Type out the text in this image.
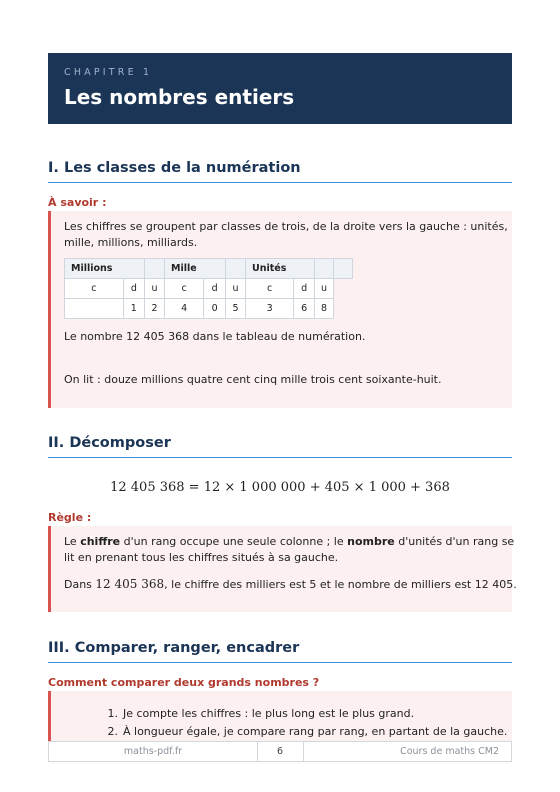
CHAPITRE 1
Les nombres entiers
I. Les classes de la numération
À savoir :

Les chiffres se groupent par classes de trois, de la droite vers la gauche : unités,

mille, millions, milliards.

Millions			Mille			Unités			
c	d	u	c	d	u	c	d	u	
	1	2	4	0	5	3	6	8	

Le nombre 12 405 368 dans le tableau de numération.

On lit : douze millions quatre cent cinq mille trois cent soixante-huit.

II. Décomposer
12 405 368 = 12 × 1 000 000 + 405 × 1 000 + 368
Règle :

Le chiffre d'un rang occupe une seule colonne ; le nombre d'unités d'un rang se

lit en prenant tous les chiffres situés à sa gauche.

Dans 12 405 368, le chiffre des milliers est 5 et le nombre de milliers est 12 405.

III. Comparer, ranger, encadrer
Comment comparer deux grands nombres ?
1. Je compte les chiffres : le plus long est le plus grand.
2. À longueur égale, je compare rang par rang, en partant de la gauche.
maths-pdf.fr	6	Cours de maths CM2
